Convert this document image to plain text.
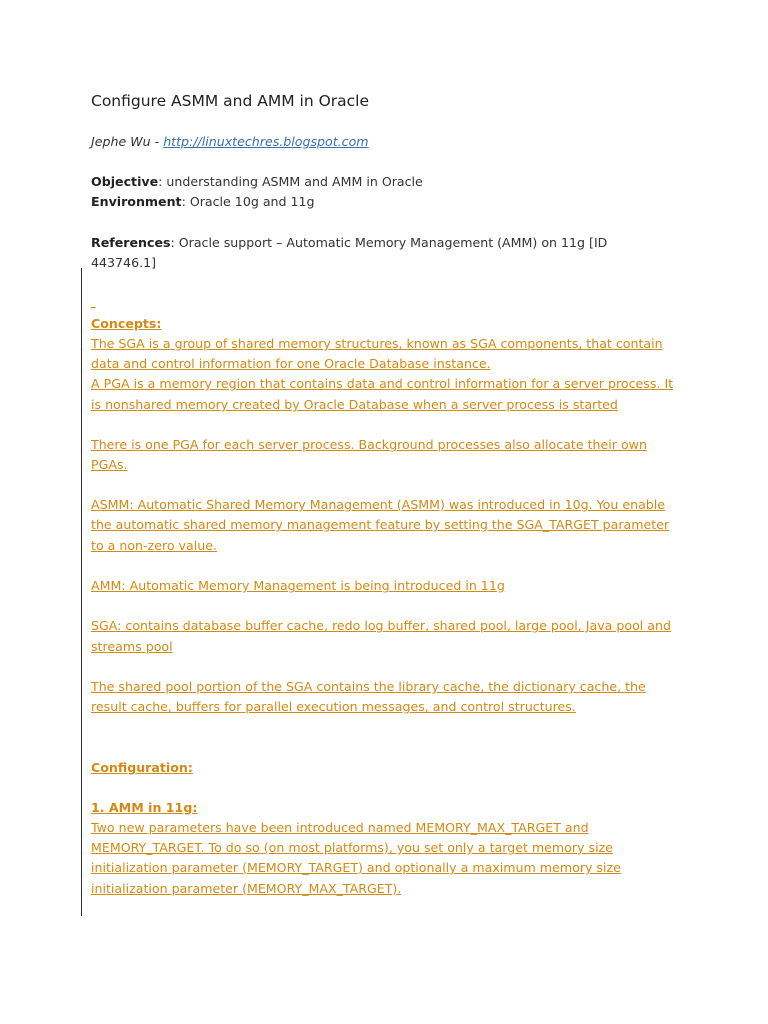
Configure ASMM and AMM in Oracle
Jephe Wu - http://linuxtechres.blogspot.com
Objective: understanding ASMM and AMM in Oracle
Environment: Oracle 10g and 11g
References: Oracle support – Automatic Memory Management (AMM) on 11g [ID
443746.1]
_
Concepts:
The SGA is a group of shared memory structures, known as SGA components, that contain
data and control information for one Oracle Database instance.
A PGA is a memory region that contains data and control information for a server process. It
is nonshared memory created by Oracle Database when a server process is started
There is one PGA for each server process. Background processes also allocate their own
PGAs.
ASMM: Automatic Shared Memory Management (ASMM) was introduced in 10g. You enable
the automatic shared memory management feature by setting the SGA_TARGET parameter
to a non-zero value.
AMM: Automatic Memory Management is being introduced in 11g
SGA: contains database buffer cache, redo log buffer, shared pool, large pool, Java pool and
streams pool
The shared pool portion of the SGA contains the library cache, the dictionary cache, the
result cache, buffers for parallel execution messages, and control structures.
Configuration:
1. AMM in 11g:
Two new parameters have been introduced named MEMORY_MAX_TARGET and
MEMORY_TARGET. To do so (on most platforms), you set only a target memory size
initialization parameter (MEMORY_TARGET) and optionally a maximum memory size
initialization parameter (MEMORY_MAX_TARGET).
